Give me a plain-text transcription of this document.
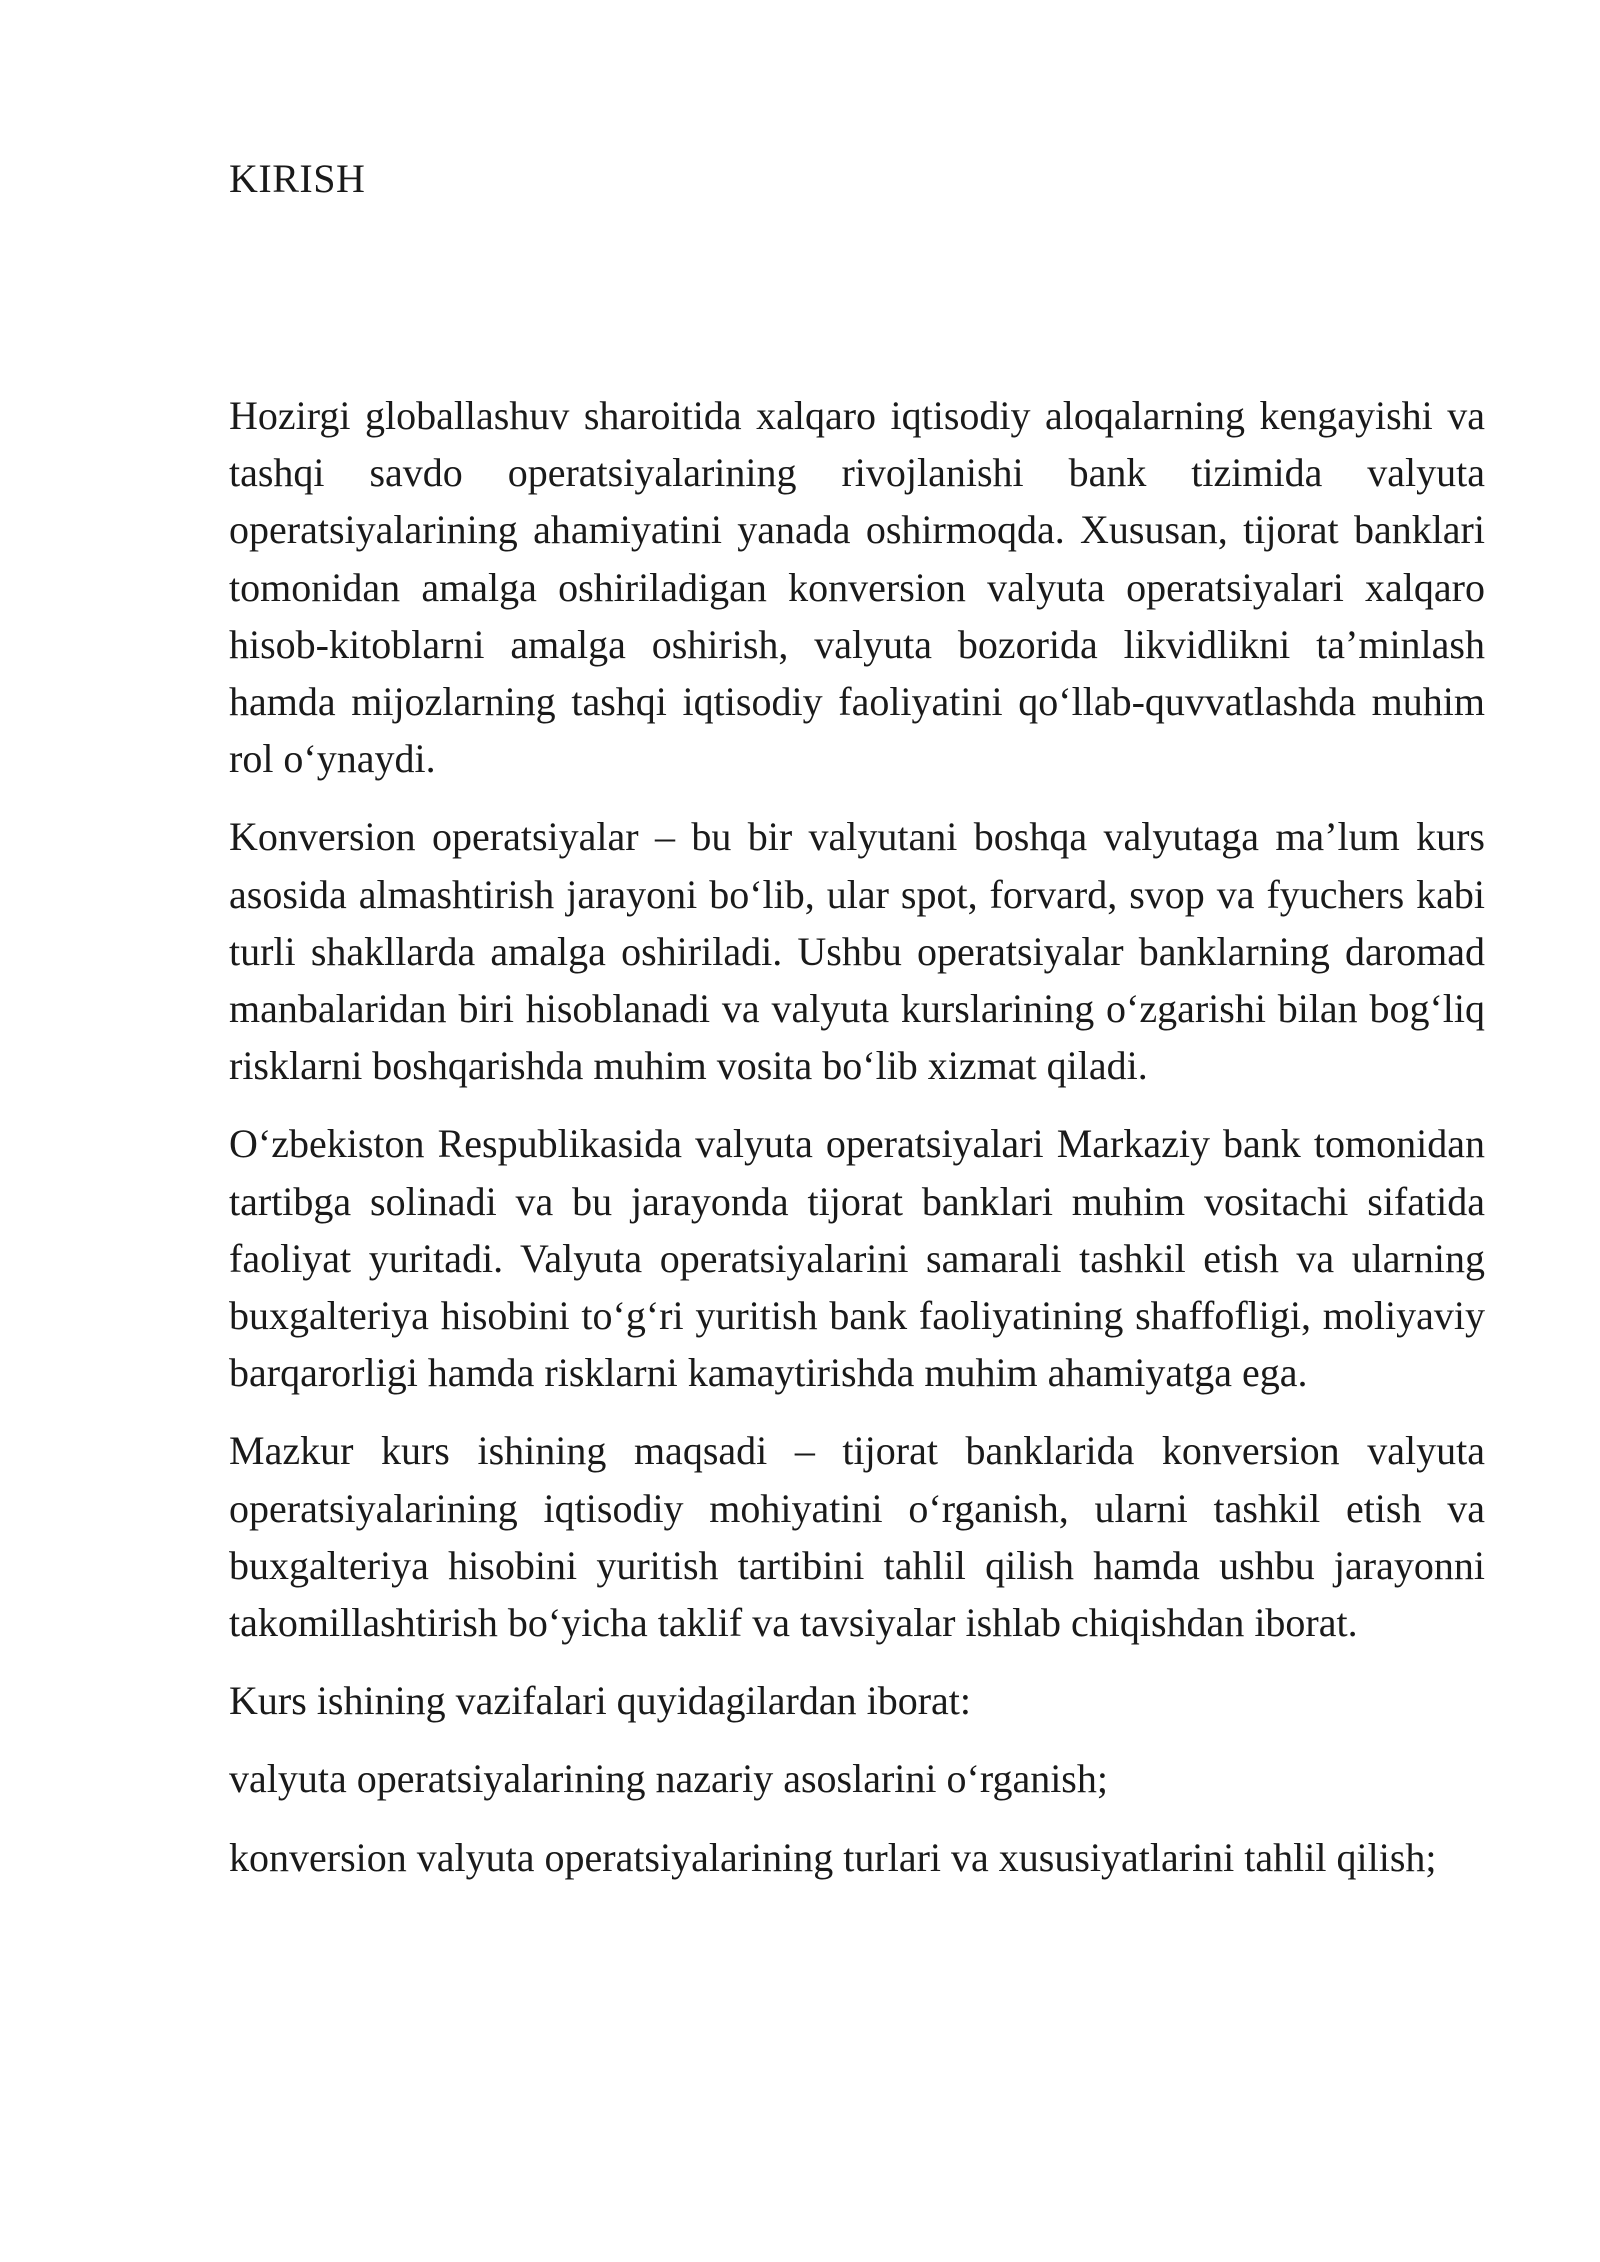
KIRISH

Hozirgi globallashuv sharoitida xalqaro iqtisodiy aloqalarning kengayishi va tashqi savdo operatsiyalarining rivojlanishi bank tizimida valyuta operatsiyalarining ahamiyatini yanada oshirmoqda. Xususan, tijorat banklari tomonidan amalga oshiriladigan konversion valyuta operatsiyalari xalqaro hisob-kitoblarni amalga oshirish, valyuta bozorida likvidlikni ta’minlash hamda mijozlarning tashqi iqtisodiy faoliyatini qo‘llab-quvvatlashda muhim rol o‘ynaydi.

Konversion operatsiyalar – bu bir valyutani boshqa valyutaga ma’lum kurs asosida almashtirish jarayoni bo‘lib, ular spot, forvard, svop va fyuchers kabi turli shakllarda amalga oshiriladi. Ushbu operatsiyalar banklarning daromad manbalaridan biri hisoblanadi va valyuta kurslarining o‘zgarishi bilan bog‘liq risklarni boshqarishda muhim vosita bo‘lib xizmat qiladi.

O‘zbekiston Respublikasida valyuta operatsiyalari Markaziy bank tomonidan tartibga solinadi va bu jarayonda tijorat banklari muhim vositachi sifatida faoliyat yuritadi. Valyuta operatsiyalarini samarali tashkil etish va ularning buxgalteriya hisobini to‘g‘ri yuritish bank faoliyatining shaffofligi, moliyaviy barqarorligi hamda risklarni kamaytirishda muhim ahamiyatga ega.

Mazkur kurs ishining maqsadi – tijorat banklarida konversion valyuta operatsiyalarining iqtisodiy mohiyatini o‘rganish, ularni tashkil etish va buxgalteriya hisobini yuritish tartibini tahlil qilish hamda ushbu jarayonni takomillashtirish bo‘yicha taklif va tavsiyalar ishlab chiqishdan iborat.

Kurs ishining vazifalari quyidagilardan iborat:

valyuta operatsiyalarining nazariy asoslarini o‘rganish;

konversion valyuta operatsiyalarining turlari va xususiyatlarini tahlil qilish;
